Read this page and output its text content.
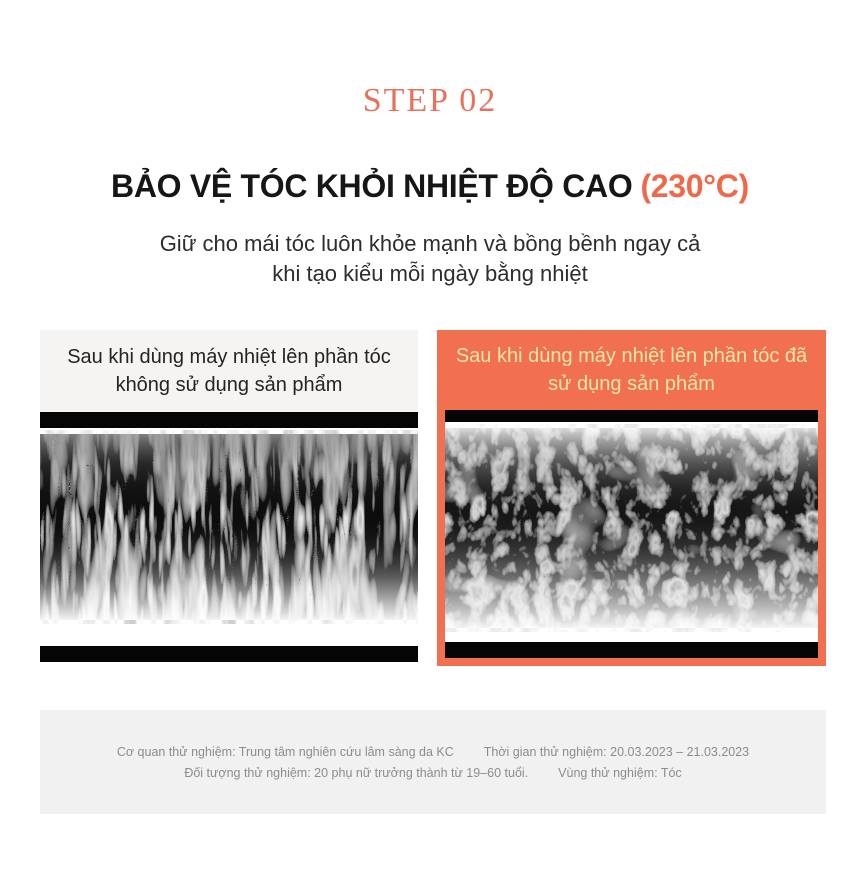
STEP 02
BẢO VỆ TÓC KHỎI NHIỆT ĐỘ CAO (230°C)
Giữ cho mái tóc luôn khỏe mạnh và bồng bềnh ngay cả
khi tạo kiểu mỗi ngày bằng nhiệt
Sau khi dùng máy nhiệt lên phần tóc
không sử dụng sản phẩm
Sau khi dùng máy nhiệt lên phần tóc đã
sử dụng sản phẩm
Cơ quan thử nghiệm: Trung tâm nghiên cứu lâm sàng da KC Thời gian thử nghiệm: 20.03.2023 – 21.03.2023
Đối tượng thử nghiệm: 20 phụ nữ trưởng thành từ 19–60 tuổi. Vùng thử nghiệm: Tóc
